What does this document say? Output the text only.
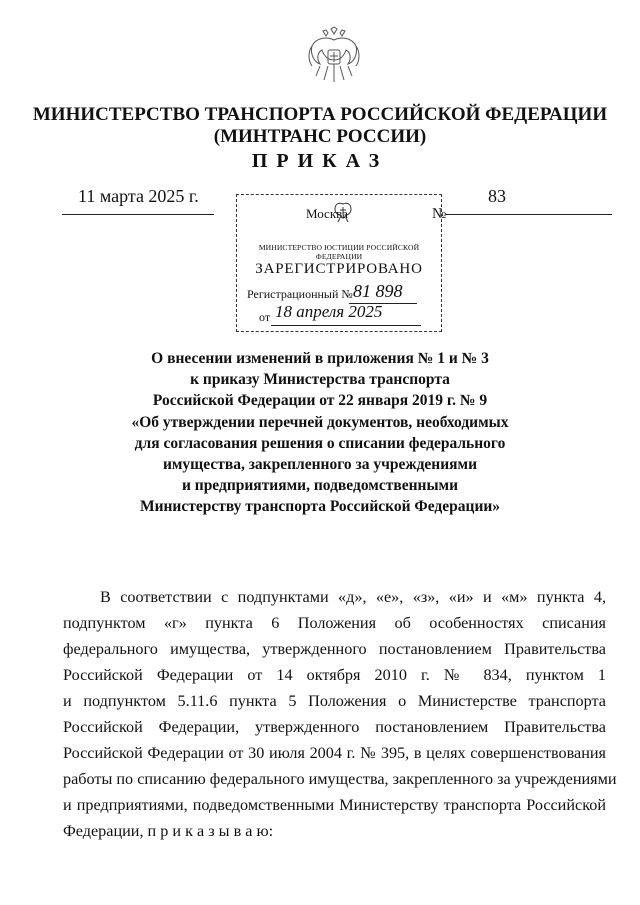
МИНИСТЕРСТВО ТРАНСПОРТА РОССИЙСКОЙ ФЕДЕРАЦИИ
(МИНТРАНС РОССИИ)
ПРИКАЗ
11 марта 2025 г.
МИНИСТЕРСТВО ЮСТИЦИИ РОССИЙСКОЙ ФЕДЕРАЦИИ
ЗАРЕГИСТРИРОВАНО
Регистрационный № 81 898
от 18 апреля 2025
Москва	№
83
О внесении изменений в приложения № 1 и № 3
к приказу Министерства транспорта
Российской Федерации от 22 января 2019 г. № 9
«Об утверждении перечней документов, необходимых
для согласования решения о списании федерального
имущества, закрепленного за учреждениями
и предприятиями, подведомственными
Министерству транспорта Российской Федерации»
В соответствии с подпунктами «д», «е», «з», «и» и «м» пункта 4,
подпунктом «г» пункта 6 Положения об особенностях списания
федерального имущества, утвержденного постановлением Правительства
Российской Федерации от 14 октября 2010 г. № 834, пунктом 1
и подпунктом 5.11.6 пункта 5 Положения о Министерстве транспорта
Российской Федерации, утвержденного постановлением Правительства
Российской Федерации от 30 июля 2004 г. № 395, в целях совершенствования
работы по списанию федерального имущества, закрепленного за учреждениями
и предприятиями, подведомственными Министерству транспорта Российской
Федерации, п р и к а з ы в а ю:
